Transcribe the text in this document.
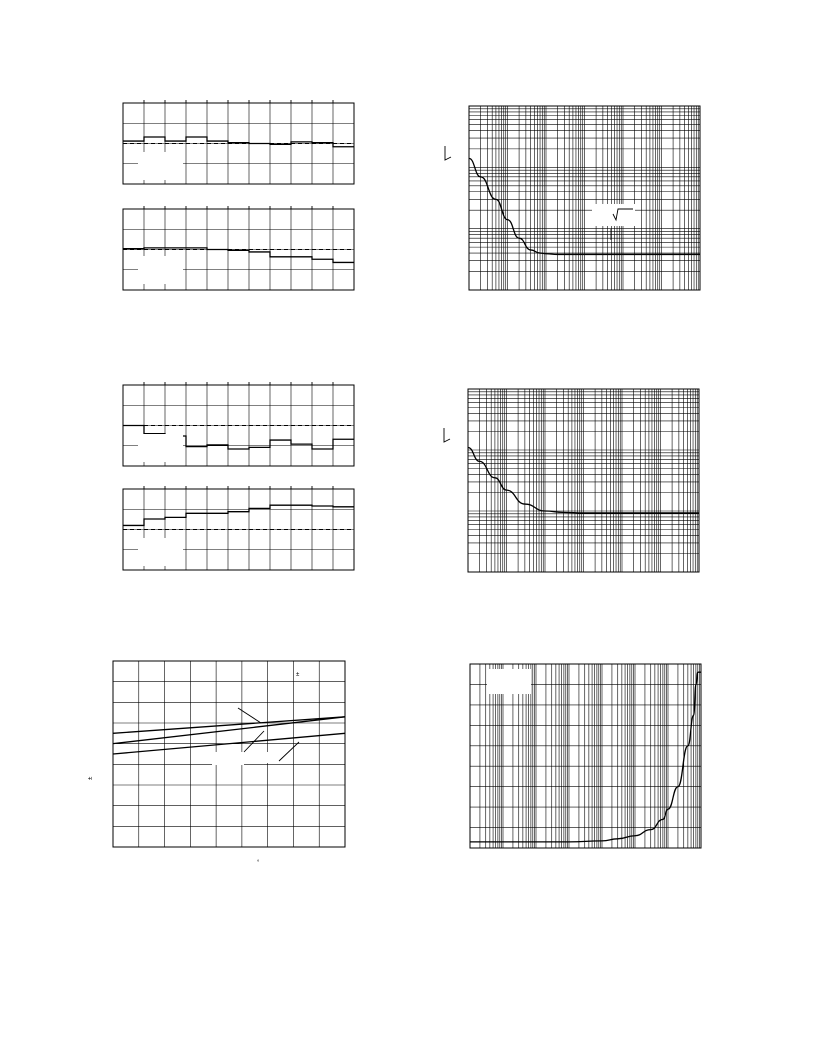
±
±
°
